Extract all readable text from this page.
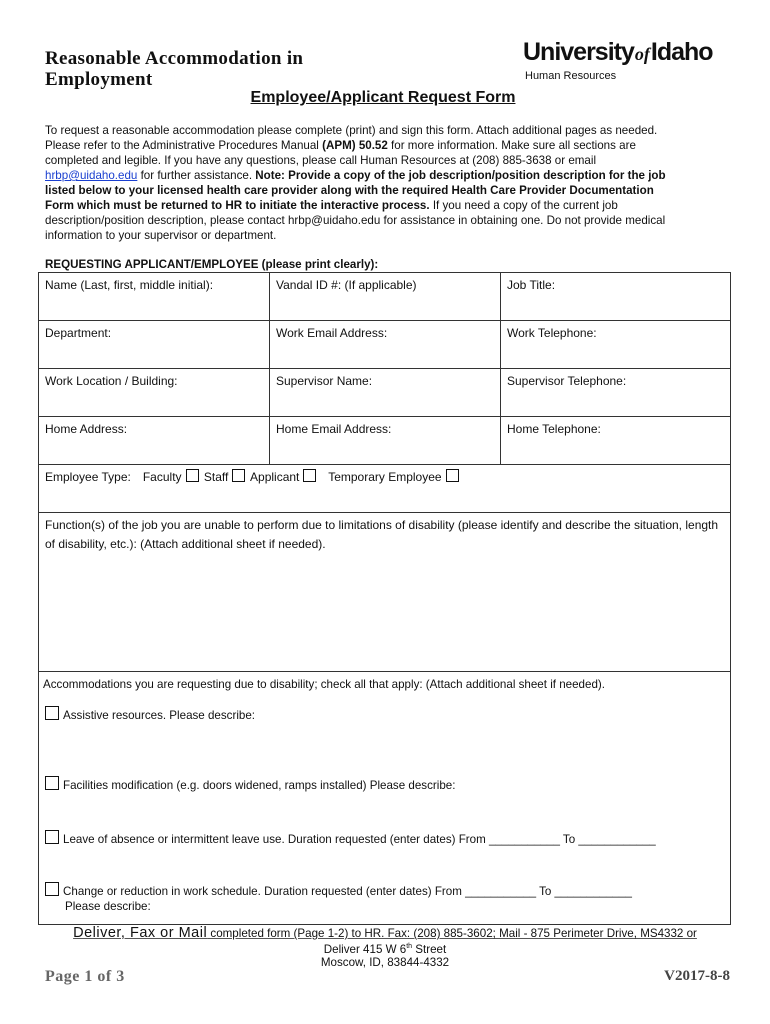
Reasonable Accommodation in
Employment
UniversityofIdaho
Human Resources
Employee/Applicant Request Form
To request a reasonable accommodation please complete (print) and sign this form. Attach additional pages as needed. Please refer to the Administrative Procedures Manual (APM) 50.52 for more information. Make sure all sections are completed and legible. If you have any questions, please call Human Resources at (208) 885-3638 or email hrbp@uidaho.edu for further assistance. Note: Provide a copy of the job description/position description for the job listed below to your licensed health care provider along with the required Health Care Provider Documentation Form which must be returned to HR to initiate the interactive process. If you need a copy of the current job description/position description, please contact hrbp@uidaho.edu for assistance in obtaining one. Do not provide medical information to your supervisor or department.
REQUESTING APPLICANT/EMPLOYEE (please print clearly):
Name (Last, first, middle initial):	Vandal ID #: (If applicable)	Job Title:
Department:	Work Email Address:	Work Telephone:
Work Location / Building:	Supervisor Name:	Supervisor Telephone:
Home Address:	Home Email Address:	Home Telephone:
Employee Type: Faculty Staff Applicant Temporary Employee
Function(s) of the job you are unable to perform due to limitations of disability (please identify and describe the situation, length of disability, etc.): (Attach additional sheet if needed).
Accommodations you are requesting due to disability; check all that apply: (Attach additional sheet if needed).
Assistive resources. Please describe:
Facilities modification (e.g. doors widened, ramps installed) Please describe:
Leave of absence or intermittent leave use. Duration requested (enter dates) From ___________ To ____________
Change or reduction in work schedule. Duration requested (enter dates) From ___________ To ____________
Please describe:
Deliver, Fax or Mail completed form (Page 1-2) to HR. Fax: (208) 885-3602; Mail - 875 Perimeter Drive, MS4332 or
Deliver 415 W 6th Street
Moscow, ID, 83844-4332
Page 1 of 3	V2017-8-8
